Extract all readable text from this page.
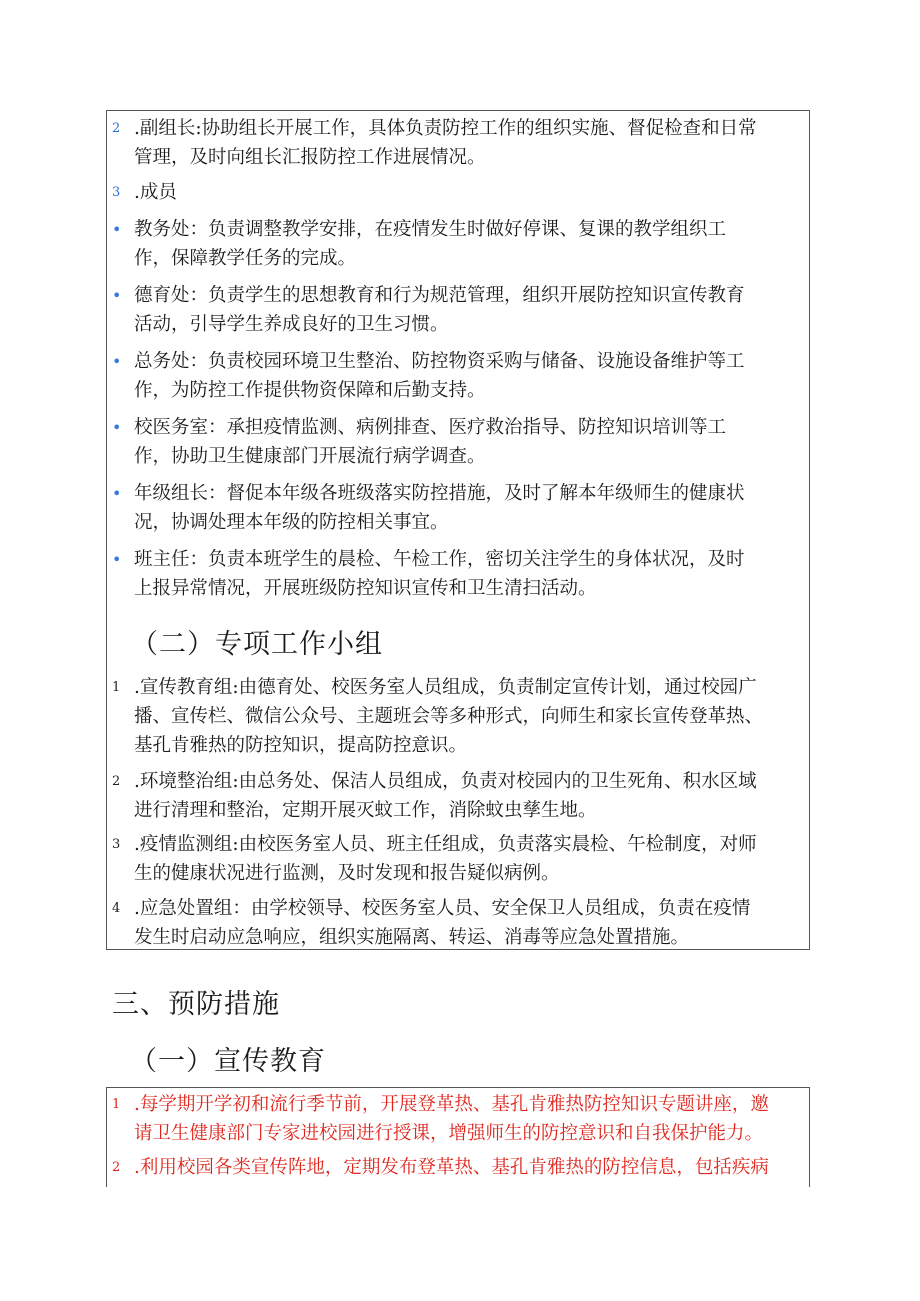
2 .副组长:协助组长开展工作，具体负责防控工作的组织实施、督促检查和日常
管理，及时向组长汇报防控工作进展情况。
3 .成员
• 教务处：负责调整教学安排，在疫情发生时做好停课、复课的教学组织工
作，保障教学任务的完成。
• 德育处：负责学生的思想教育和行为规范管理，组织开展防控知识宣传教育
活动，引导学生养成良好的卫生习惯。
• 总务处：负责校园环境卫生整治、防控物资采购与储备、设施设备维护等工
作，为防控工作提供物资保障和后勤支持。
• 校医务室：承担疫情监测、病例排查、医疗救治指导、防控知识培训等工
作，协助卫生健康部门开展流行病学调查。
• 年级组长：督促本年级各班级落实防控措施，及时了解本年级师生的健康状
况，协调处理本年级的防控相关事宜。
• 班主任：负责本班学生的晨检、午检工作，密切关注学生的身体状况，及时
上报异常情况，开展班级防控知识宣传和卫生清扫活动。
（二）专项工作小组
1 .宣传教育组:由德育处、校医务室人员组成，负责制定宣传计划，通过校园广
播、宣传栏、微信公众号、主题班会等多种形式，向师生和家长宣传登革热、
基孔肯雅热的防控知识，提高防控意识。
2 .环境整治组:由总务处、保洁人员组成，负责对校园内的卫生死角、积水区域
进行清理和整治，定期开展灭蚊工作，消除蚊虫孳生地。
3 .疫情监测组:由校医务室人员、班主任组成，负责落实晨检、午检制度，对师
生的健康状况进行监测，及时发现和报告疑似病例。
4 .应急处置组：由学校领导、校医务室人员、安全保卫人员组成，负责在疫情
发生时启动应急响应，组织实施隔离、转运、消毒等应急处置措施。
三、预防措施
（一）宣传教育
1 .每学期开学初和流行季节前，开展登革热、基孔肯雅热防控知识专题讲座，邀
请卫生健康部门专家进校园进行授课，增强师生的防控意识和自我保护能力。
2 .利用校园各类宣传阵地，定期发布登革热、基孔肯雅热的防控信息，包括疾病
